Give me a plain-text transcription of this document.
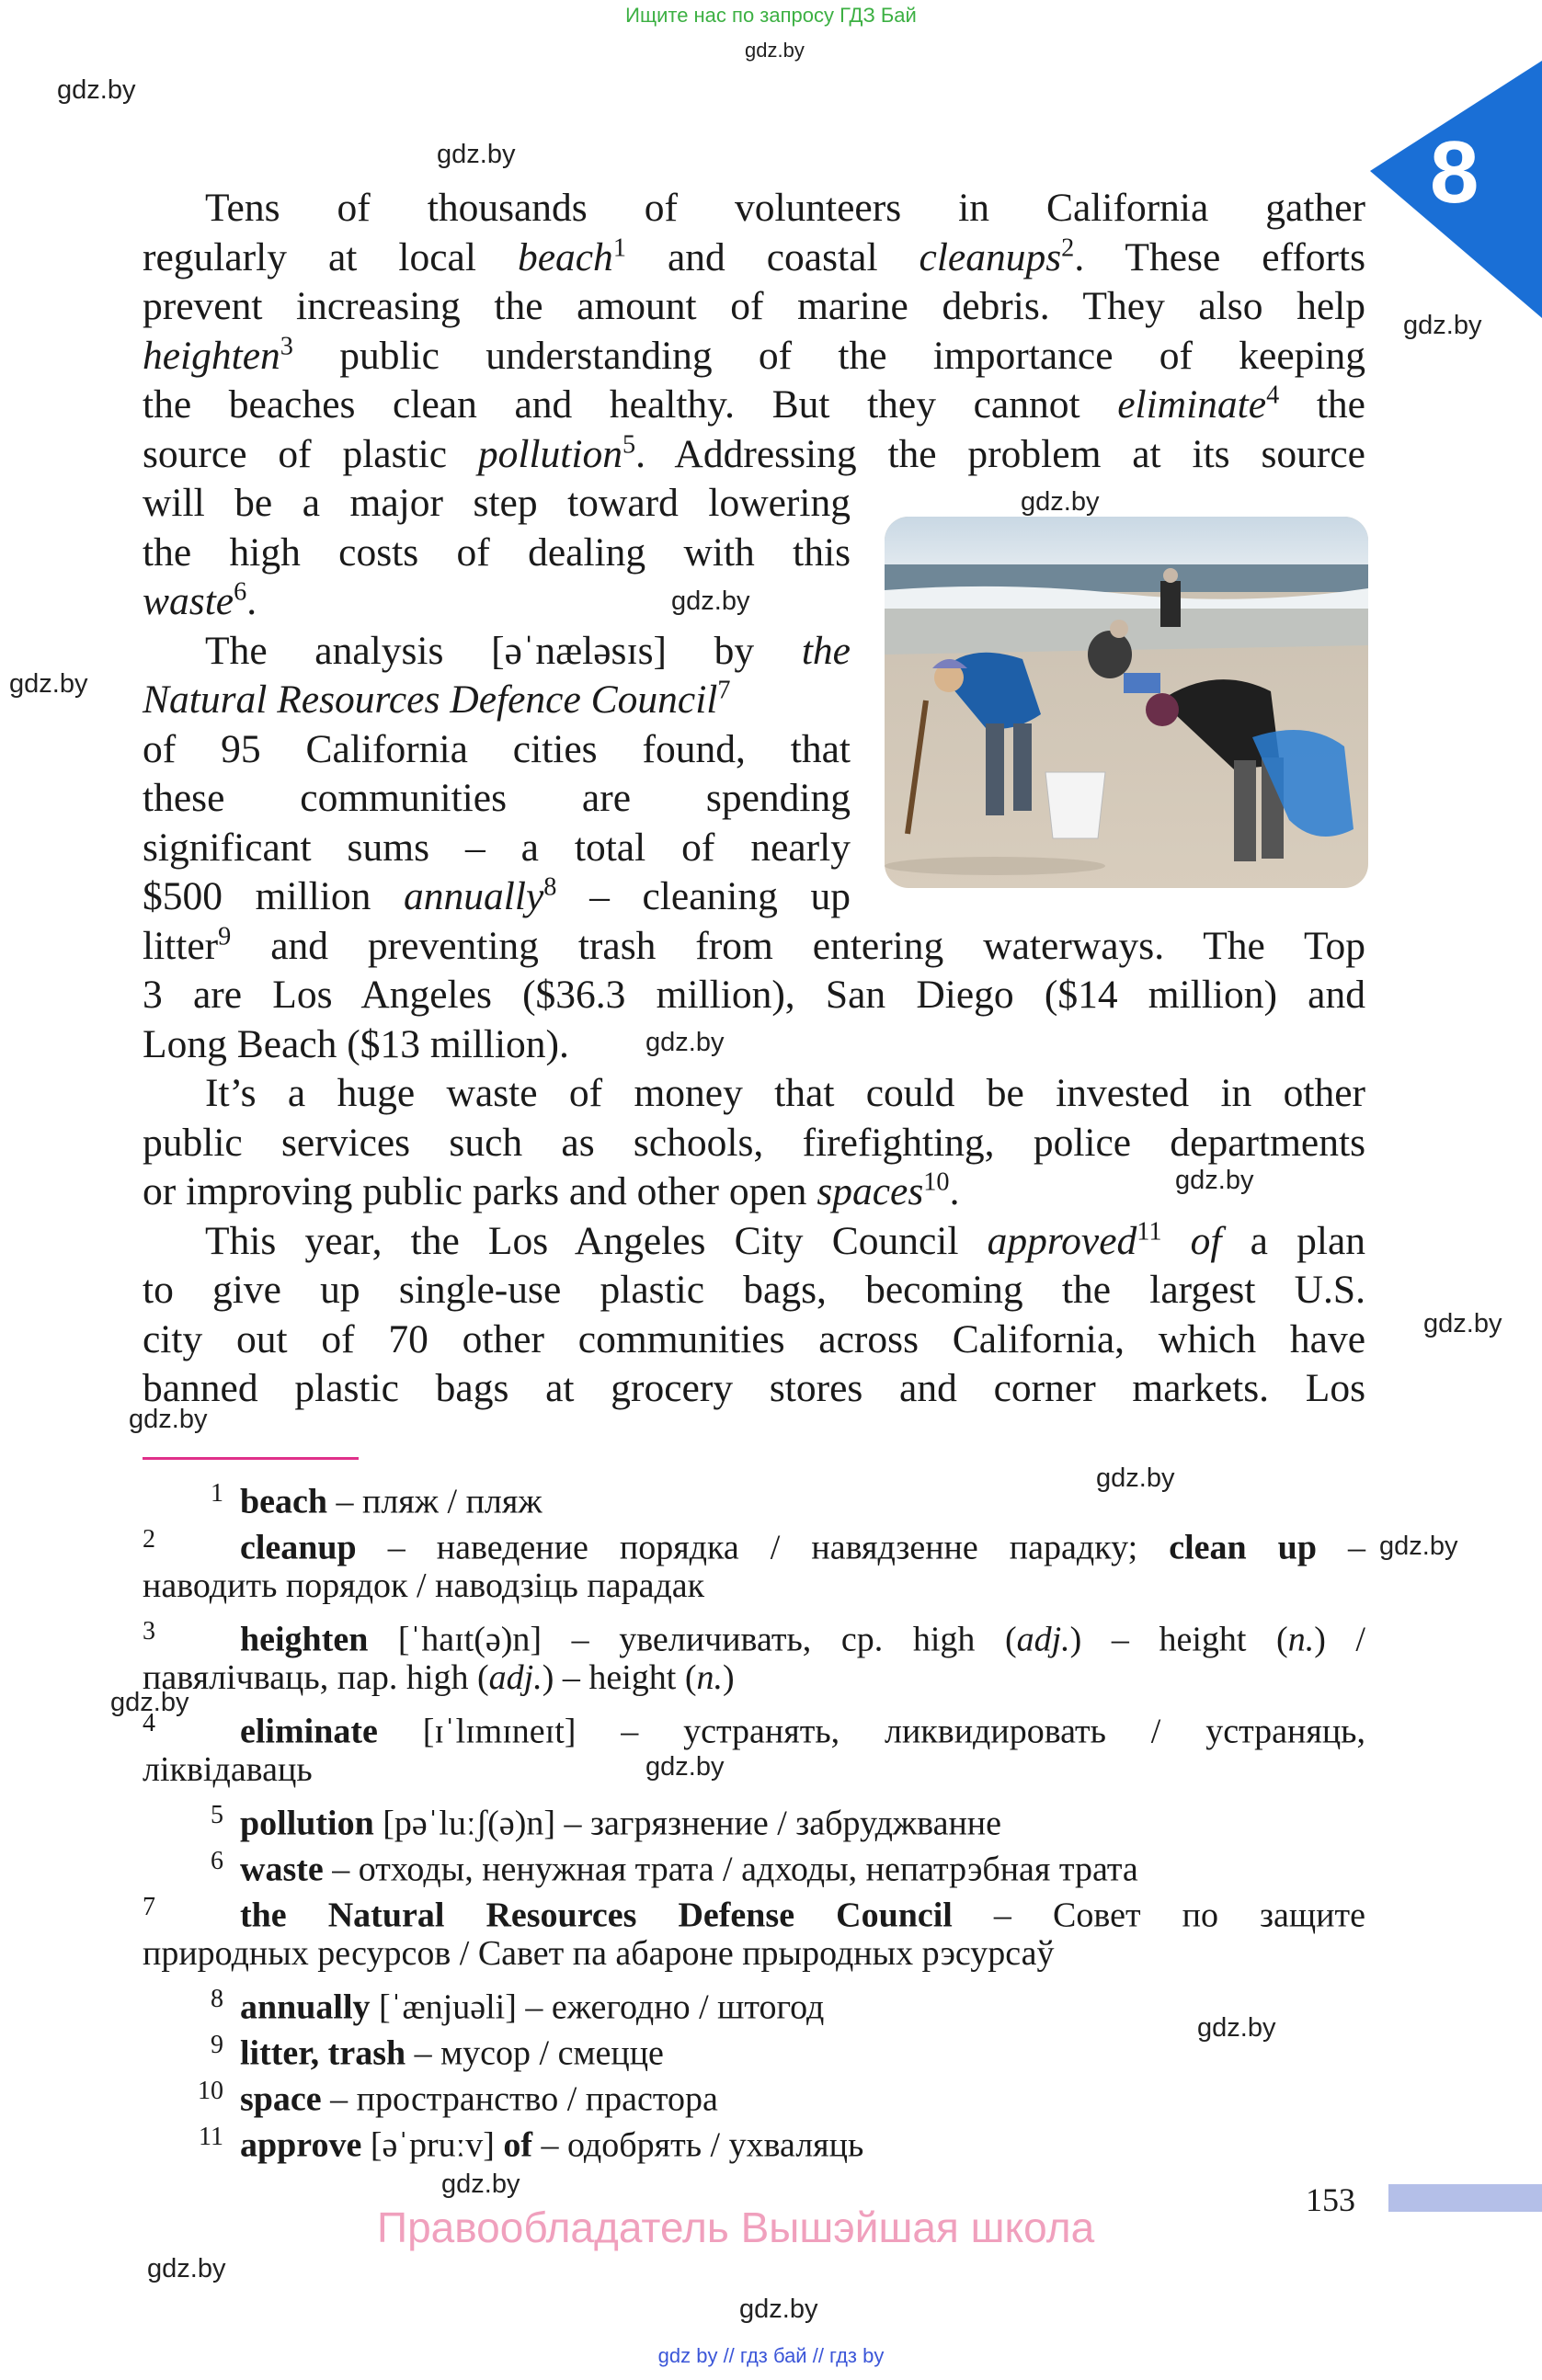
Ищите нас по запросу ГДЗ Бай
8
gdz.by
gdz.by
gdz.by
gdz.by
gdz.by
gdz.by
gdz.by
gdz.by
gdz.by
gdz.by
gdz.by
gdz.by
gdz.by
gdz.by
gdz.by
gdz.by
gdz.by
gdz.by
gdz.by
Tens of thousands of volunteers in California gather
regularly at local beach$^1$ and coastal cleanups$^2$. These efforts
prevent increasing the amount of marine debris. They also help
heighten$^3$ public understanding of the importance of keeping
the beaches clean and healthy. But they cannot eliminate$^4$ the
source of plastic pollution$^5$. Addressing the problem at its source
will be a major step toward lowering
the high costs of dealing with this
waste$^6$.
The analysis [əˈnæləsɪs] by the
Natural Resources Defence Council$^7$
of 95 California cities found, that
these communities are spending
significant sums – a total of nearly
$500 million annually$^8$ – cleaning up
litter$^9$ and preventing trash from entering waterways. The Top
3 are Los Angeles ($36.3 million), San Diego ($14 million) and
Long Beach ($13 million).
It’s a huge waste of money that could be invested in other
public services such as schools, firefighting, police departments
or improving public parks and other open spaces$^{10}$.
This year, the Los Angeles City Council approved$^{11}$ of a plan
to give up single-use plastic bags, becoming the largest U.S.
city out of 70 other communities across California, which have
banned plastic bags at grocery stores and corner markets. Los
1 beach – пляж / пляж
2 cleanup – наведение порядка / навядзенне парадку; clean up –
наводить порядок / наводзіць парадак
3 heighten [ˈhaɪt(ə)n] – увеличивать, ср. high (adj.) – height (n.) /
павялічваць, пар. high (adj.) – height (n.)
4 eliminate [ɪˈlɪmɪneɪt] – устранять, ликвидировать / устраняць,
ліквідаваць
5 pollution [pəˈluːʃ(ə)n] – загрязнение / забруджванне
6 waste – отходы, ненужная трата / адходы, непатрэбная трата
7 the Natural Resources Defense Council – Совет по защите
природных ресурсов / Савет па абароне прыродных рэсурсаў
8 annually [ˈænjuəli] – ежегодно / штогод
9 litter, trash – мусор / смецце
10 space – пространство / прастора
11 approve [əˈpruːv] of – одобрять / ухваляць
153
Правообладатель Вышэйшая школа
gdz by // гдз бай // гдз by
